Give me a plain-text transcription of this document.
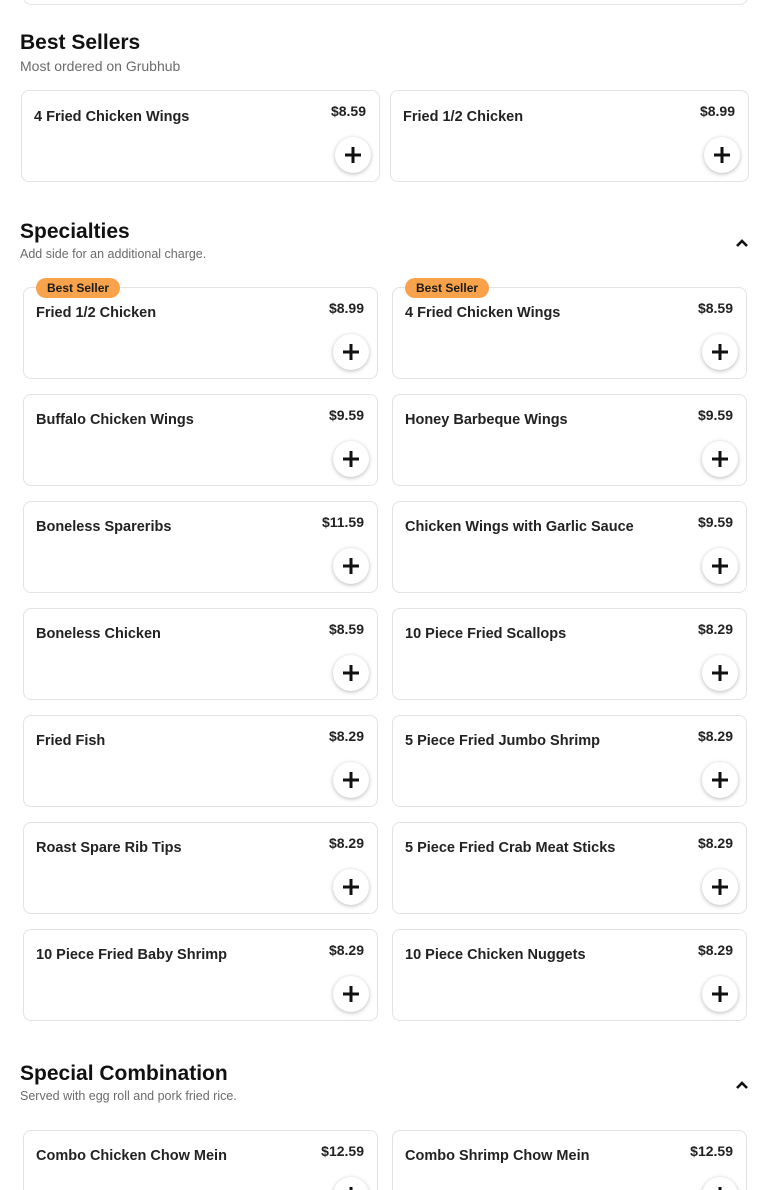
Best Sellers
Most ordered on Grubhub
4 Fried Chicken Wings	$8.59	Fried 1/2 Chicken	$8.99
Specialties
Add side for an additional charge.
Best Seller
Fried 1/2 Chicken	$8.99
Best Seller
4 Fried Chicken Wings	$8.59
Buffalo Chicken Wings	$9.59	Honey Barbeque Wings	$9.59
Boneless Spareribs	$11.59	Chicken Wings with Garlic Sauce	$9.59
Boneless Chicken	$8.59	10 Piece Fried Scallops	$8.29
Fried Fish	$8.29	5 Piece Fried Jumbo Shrimp	$8.29
Roast Spare Rib Tips	$8.29	5 Piece Fried Crab Meat Sticks	$8.29
10 Piece Fried Baby Shrimp	$8.29	10 Piece Chicken Nuggets	$8.29
Special Combination
Served with egg roll and pork fried rice.
Combo Chicken Chow Mein	$12.59	Combo Shrimp Chow Mein	$12.59
